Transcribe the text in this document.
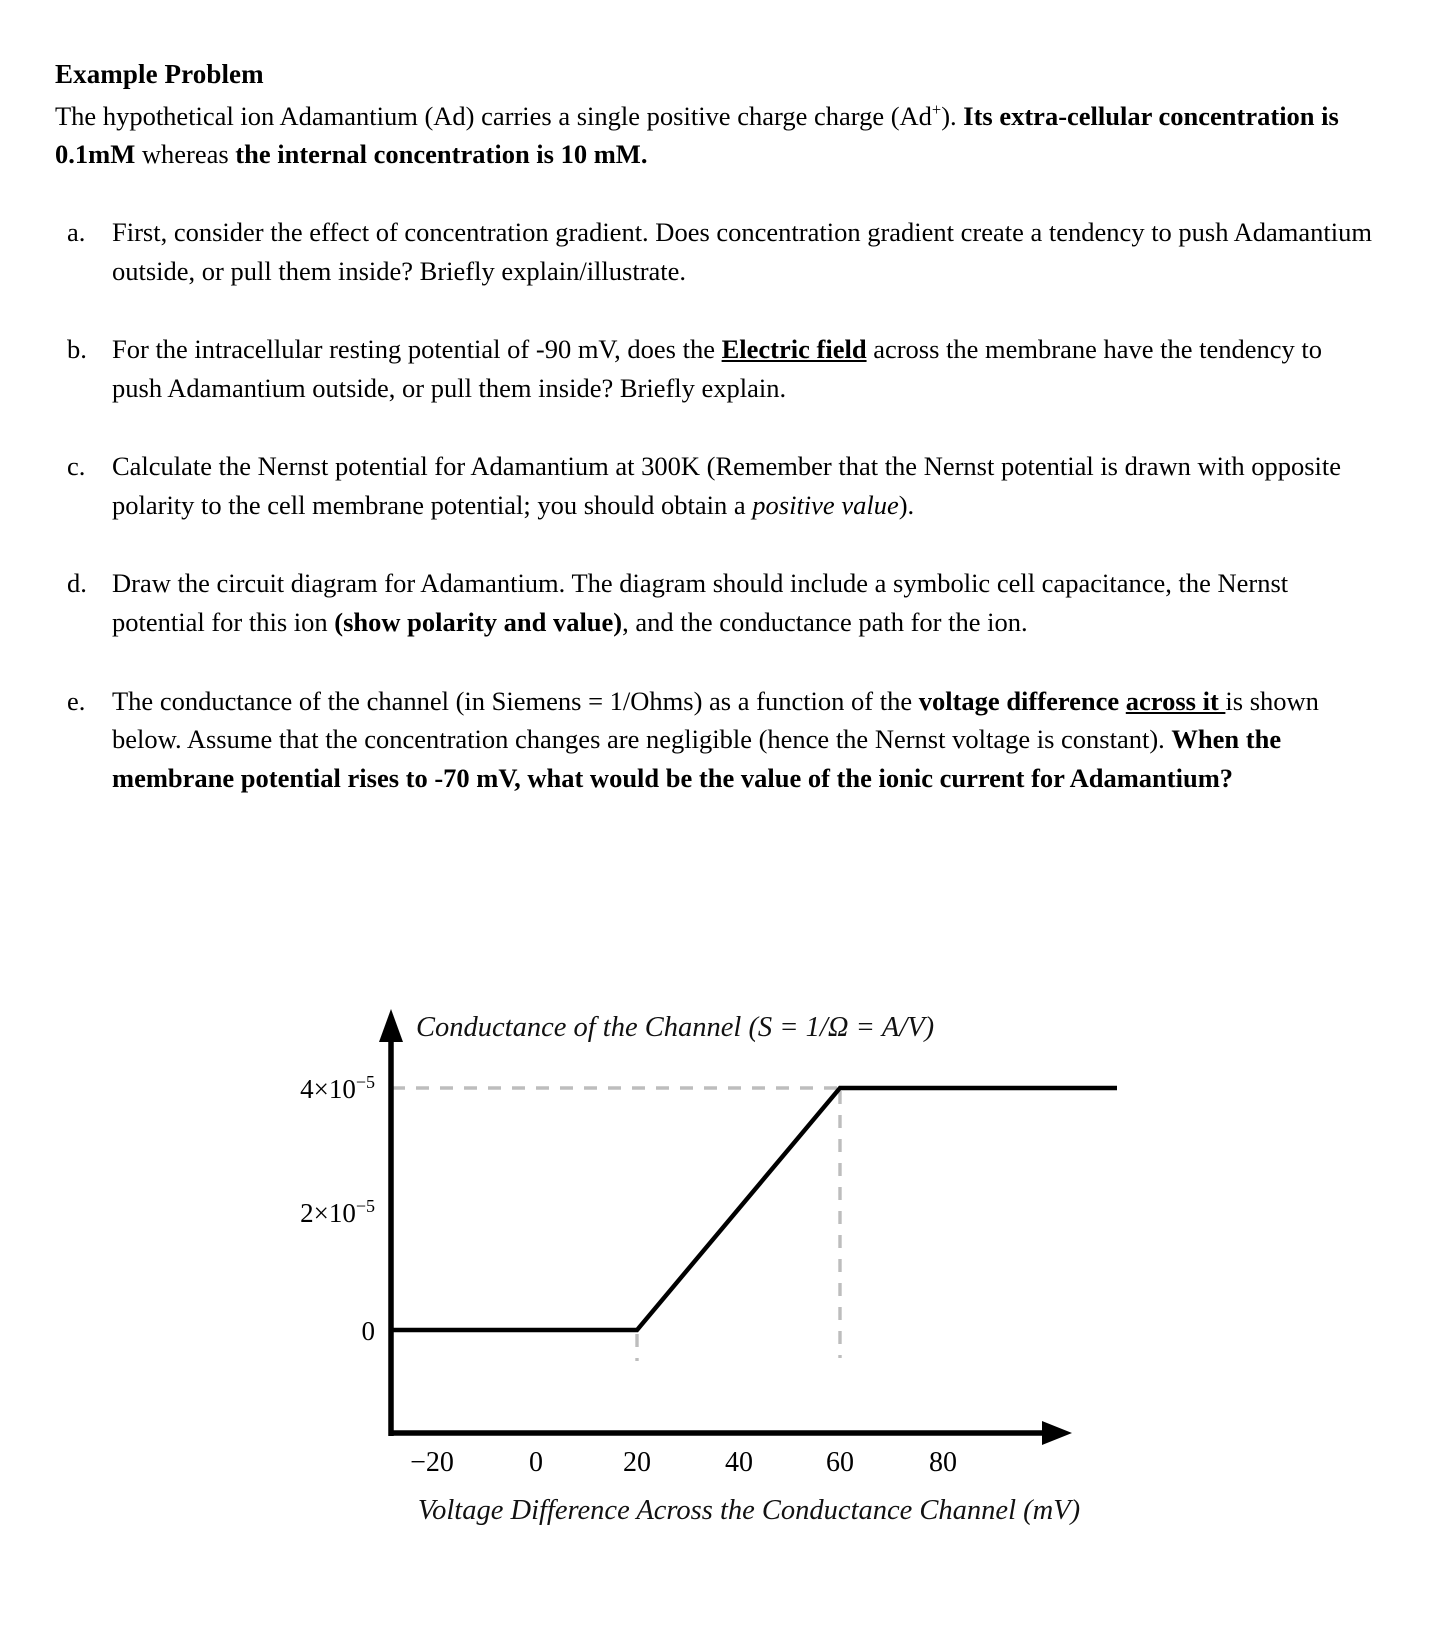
Example Problem

The hypothetical ion Adamantium (Ad) carries a single positive charge charge (Ad+). Its extra-cellular concentration is 0.1mM whereas the internal concentration is 10 mM.

a.	First, consider the effect of concentration gradient. Does concentration gradient create a tendency to push Adamantium outside, or pull them inside? Briefly explain/illustrate.
b. For the intracellular resting potential of -90 mV, does the Electric field across the membrane have the tendency to push Adamantium outside, or pull them inside? Briefly explain.
c.	Calculate the Nernst potential for Adamantium at 300K (Remember that the Nernst potential is drawn with opposite polarity to the cell membrane potential; you should obtain a positive value).
d. Draw the circuit diagram for Adamantium. The diagram should include a symbolic cell capacitance, the Nernst potential for this ion (show polarity and value), and the conductance path for the ion.
e.	The conductance of the channel (in Siemens = 1/Ohms) as a function of the voltage difference across it is shown below. Assume that the concentration changes are negligible (hence the Nernst voltage is constant). When the membrane potential rises to -70 mV, what would be the value of the ionic current for Adamantium?
0
$2\times 10^{-5}$
$4\times 10^{-5}$
−20	0	20	40	60	80
Conductance of the Channel (S = 1/Ω = A/V)
Voltage Difference Across the Conductance Channel (mV)
